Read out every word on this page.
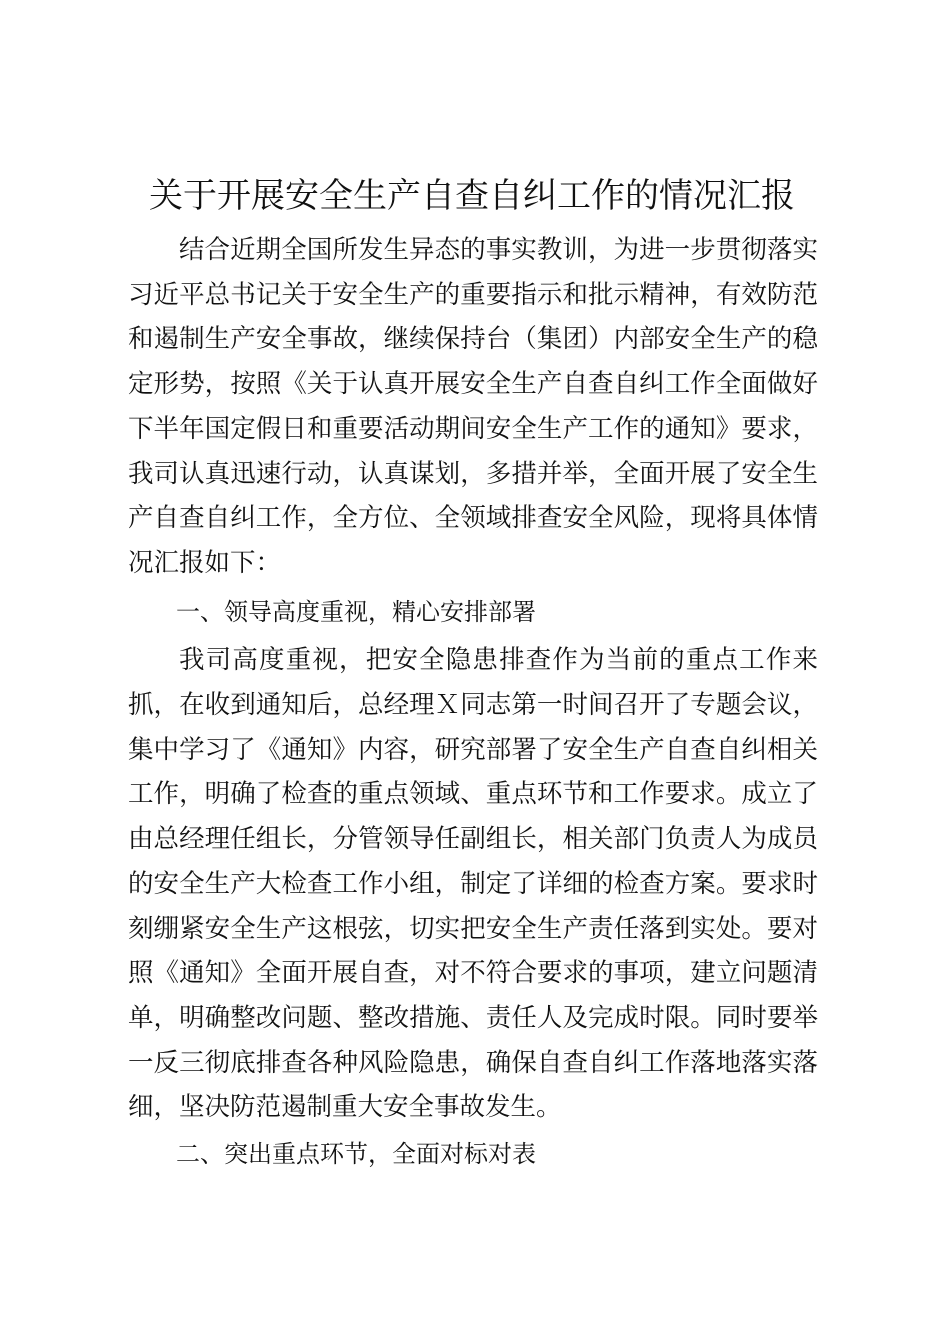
关于开展安全生产自查自纠工作的情况汇报

结合近期全国所发生异态的事实教训，为进一步贯彻落实习近平总书记关于安全生产的重要指示和批示精神，有效防范和遏制生产安全事故，继续保持台（集团）内部安全生产的稳定形势，按照《关于认真开展安全生产自查自纠工作全面做好下半年国定假日和重要活动期间安全生产工作的通知》要求，我司认真迅速行动，认真谋划，多措并举，全面开展了安全生产自查自纠工作，全方位、全领域排查安全风险，现将具体情况汇报如下：

一、领导高度重视，精心安排部署

我司高度重视，把安全隐患排查作为当前的重点工作来抓，在收到通知后，总经理Ｘ同志第一时间召开了专题会议，集中学习了《通知》内容，研究部署了安全生产自查自纠相关工作，明确了检查的重点领域、重点环节和工作要求。成立了由总经理任组长，分管领导任副组长，相关部门负责人为成员的安全生产大检查工作小组，制定了详细的检查方案。要求时刻绷紧安全生产这根弦，切实把安全生产责任落到实处。要对照《通知》全面开展自查，对不符合要求的事项，建立问题清单，明确整改问题、整改措施、责任人及完成时限。同时要举一反三彻底排查各种风险隐患，确保自查自纠工作落地落实落细，坚决防范遏制重大安全事故发生。

二、突出重点环节，全面对标对表
